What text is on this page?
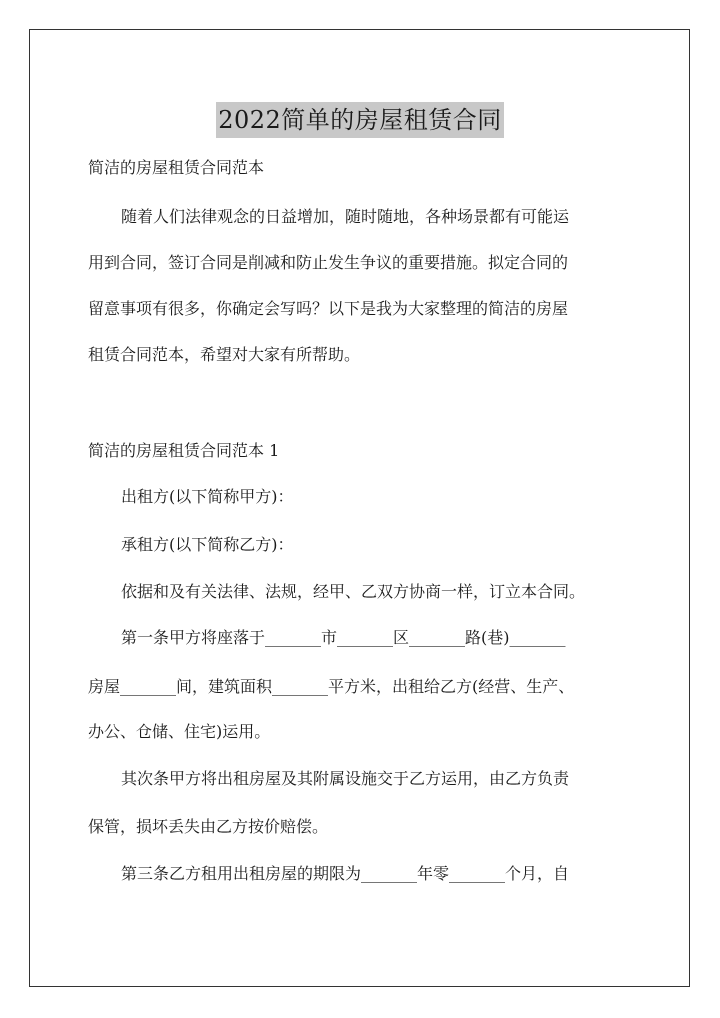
2022简单的房屋租赁合同
简洁的房屋租赁合同范本
随着人们法律观念的日益增加，随时随地，各种场景都有可能运
用到合同，签订合同是削减和防止发生争议的重要措施。拟定合同的
留意事项有很多，你确定会写吗？以下是我为大家整理的简洁的房屋
租赁合同范本，希望对大家有所帮助。
简洁的房屋租赁合同范本 1
出租方(以下简称甲方)：
承租方(以下简称乙方)：
依据和及有关法律、法规，经甲、乙双方协商一样，订立本合同。
第一条甲方将座落于_______市_______区_______路(巷)_______
房屋_______间，建筑面积_______平方米，出租给乙方(经营、生产、
办公、仓储、住宅)运用。
其次条甲方将出租房屋及其附属设施交于乙方运用，由乙方负责
保管，损坏丢失由乙方按价赔偿。
第三条乙方租用出租房屋的期限为_______年零_______个月，自
